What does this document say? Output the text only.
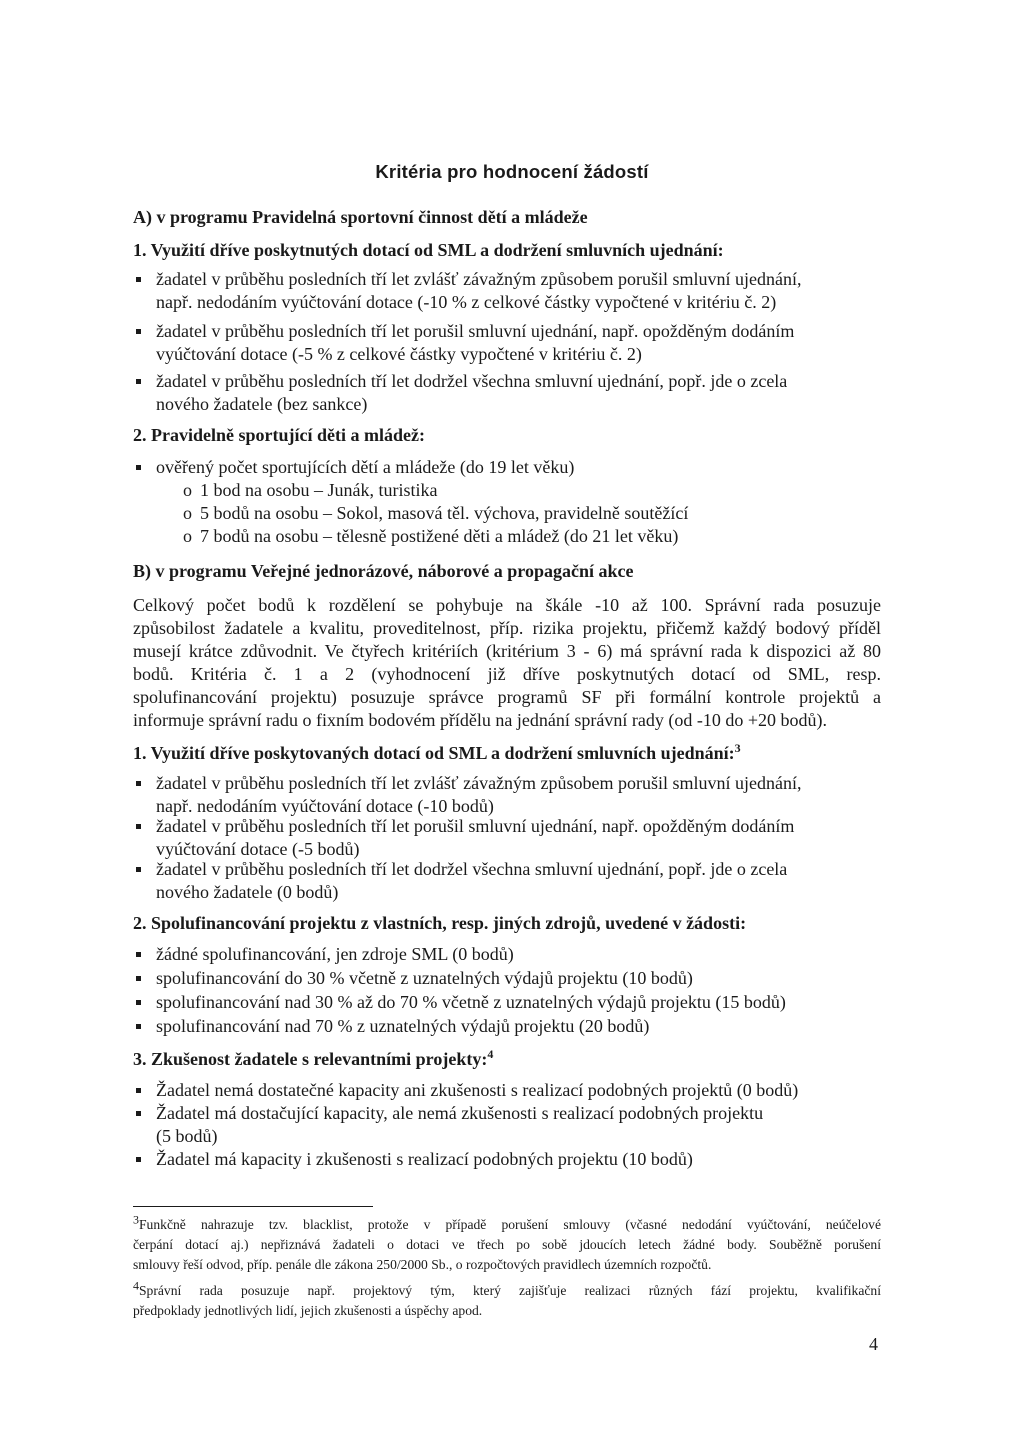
Kritéria pro hodnocení žádostí
A) v programu Pravidelná sportovní činnost dětí a mládeže
1. Využití dříve poskytnutých dotací od SML a dodržení smluvních ujednání:
žadatel v průběhu posledních tří let zvlášť závažným způsobem porušil smluvní ujednání,
např. nedodáním vyúčtování dotace (-10 % z celkové částky vypočtené v kritériu č. 2)
žadatel v průběhu posledních tří let porušil smluvní ujednání, např. opožděným dodáním
vyúčtování dotace (-5 % z celkové částky vypočtené v kritériu č. 2)
žadatel v průběhu posledních tří let dodržel všechna smluvní ujednání, popř. jde o zcela
nového žadatele (bez sankce)
2. Pravidelně sportující děti a mládež:
ověřený počet sportujících dětí a mládeže (do 19 let věku)
o 1 bod na osobu – Junák, turistika
o 5 bodů na osobu – Sokol, masová těl. výchova, pravidelně soutěžící
o 7 bodů na osobu – tělesně postižené děti a mládež (do 21 let věku)
B) v programu Veřejné jednorázové, náborové a propagační akce
Celkový počet bodů k rozdělení se pohybuje na škále -10 až 100. Správní rada posuzuje
způsobilost žadatele a kvalitu, proveditelnost, příp. rizika projektu, přičemž každý bodový příděl
musejí krátce zdůvodnit. Ve čtyřech kritériích (kritérium 3 - 6) má správní rada k dispozici až 80
bodů. Kritéria č. 1 a 2 (vyhodnocení již dříve poskytnutých dotací od SML, resp.
spolufinancování projektu) posuzuje správce programů SF při formální kontrole projektů a
informuje správní radu o fixním bodovém přídělu na jednání správní rady (od -10 do +20 bodů).
1. Využití dříve poskytovaných dotací od SML a dodržení smluvních ujednání:$^3$
žadatel v průběhu posledních tří let zvlášť závažným způsobem porušil smluvní ujednání,
např. nedodáním vyúčtování dotace (-10 bodů)
žadatel v průběhu posledních tří let porušil smluvní ujednání, např. opožděným dodáním
vyúčtování dotace (-5 bodů)
žadatel v průběhu posledních tří let dodržel všechna smluvní ujednání, popř. jde o zcela
nového žadatele (0 bodů)
2. Spolufinancování projektu z vlastních, resp. jiných zdrojů, uvedené v žádosti:
žádné spolufinancování, jen zdroje SML (0 bodů)
spolufinancování do 30 % včetně z uznatelných výdajů projektu (10 bodů)
spolufinancování nad 30 % až do 70 % včetně z uznatelných výdajů projektu (15 bodů)
spolufinancování nad 70 % z uznatelných výdajů projektu (20 bodů)
3. Zkušenost žadatele s relevantními projekty:$^4$
Žadatel nemá dostatečné kapacity ani zkušenosti s realizací podobných projektů (0 bodů)
Žadatel má dostačující kapacity, ale nemá zkušenosti s realizací podobných projektu
(5 bodů)
Žadatel má kapacity i zkušenosti s realizací podobných projektu (10 bodů)
$^3$Funkčně nahrazuje tzv. blacklist, protože v případě porušení smlouvy (včasné nedodání vyúčtování, neúčelové
čerpání dotací aj.) nepřiznává žadateli o dotaci ve třech po sobě jdoucích letech žádné body. Souběžně porušení
smlouvy řeší odvod, příp. penále dle zákona 250/2000 Sb., o rozpočtových pravidlech územních rozpočtů.
$^4$Správní rada posuzuje např. projektový tým, který zajišťuje realizaci různých fází projektu, kvalifikační
předpoklady jednotlivých lidí, jejich zkušenosti a úspěchy apod.
4
